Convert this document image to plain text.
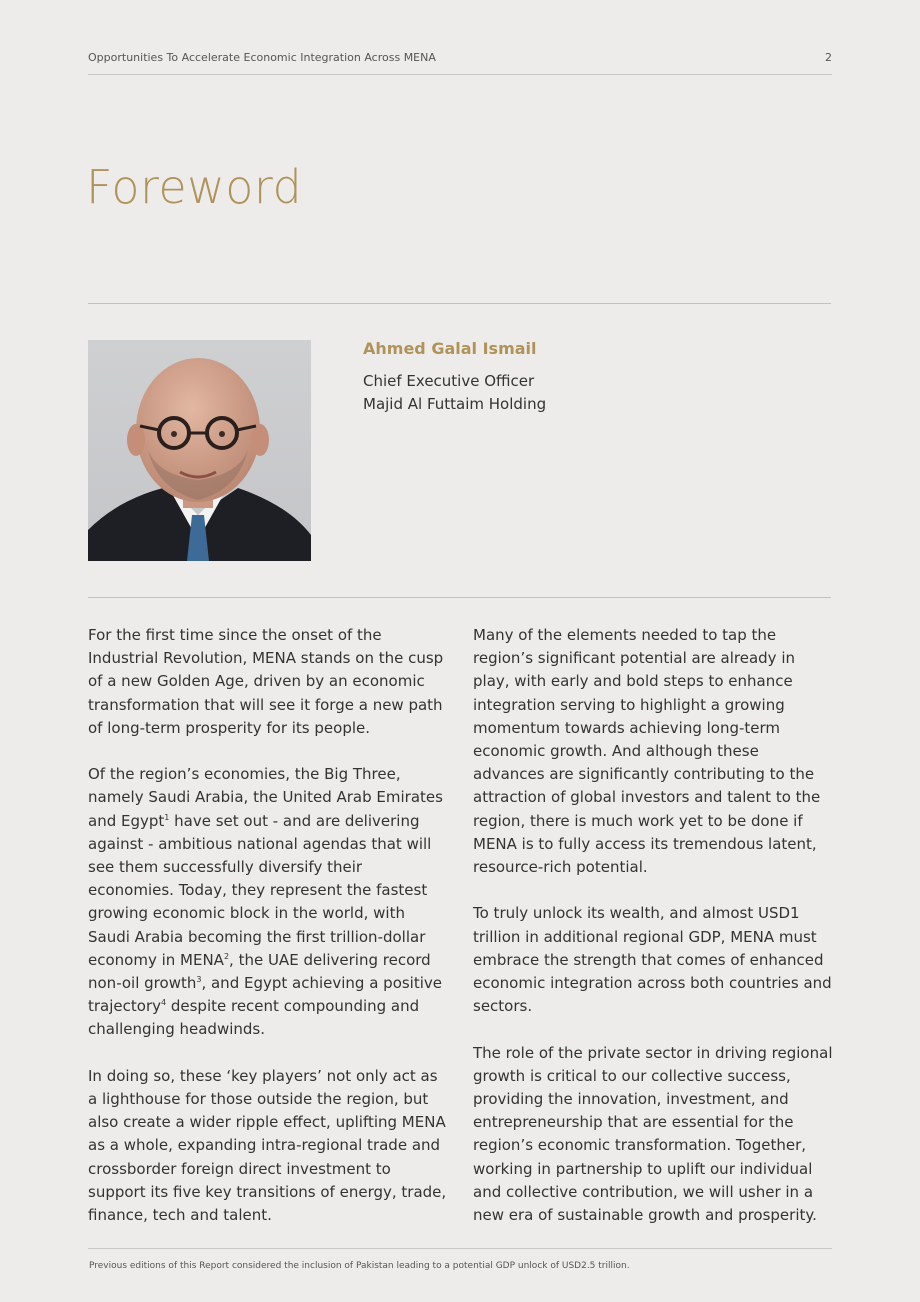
Opportunities To Accelerate Economic Integration Across MENA	2
Foreword
Ahmed Galal Ismail
Chief Executive Officer
Majid Al Futtaim Holding

For the first time since the onset of the Industrial Revolution, MENA stands on the cusp of a new Golden Age, driven by an economic transformation that will see it forge a new path of long-term prosperity for its people.

Of the region’s economies, the Big Three, namely Saudi Arabia, the United Arab Emirates and Egypt$^1$ have set out - and are delivering against - ambitious national agendas that will see them successfully diversify their economies. Today, they represent the fastest growing economic block in the world, with Saudi Arabia becoming the first trillion-dollar economy in MENA$^2$, the UAE delivering record non-oil growth$^3$, and Egypt achieving a positive trajectory$^4$ despite recent compounding and challenging headwinds.

In doing so, these ‘key players’ not only act as a lighthouse for those outside the region, but also create a wider ripple effect, uplifting MENA as a whole, expanding intra-regional trade and crossborder foreign direct investment to support its five key transitions of energy, trade, finance, tech and talent.

Many of the elements needed to tap the region’s significant potential are already in play, with early and bold steps to enhance integration serving to highlight a growing momentum towards achieving long-term economic growth. And although these advances are significantly contributing to the attraction of global investors and talent to the region, there is much work yet to be done if MENA is to fully access its tremendous latent, resource-rich potential.

To truly unlock its wealth, and almost USD1 trillion in additional regional GDP, MENA must embrace the strength that comes of enhanced economic integration across both countries and sectors.

The role of the private sector in driving regional growth is critical to our collective success, providing the innovation, investment, and entrepreneurship that are essential for the region’s economic transformation. Together, working in partnership to uplift our individual and collective contribution, we will usher in a new era of sustainable growth and prosperity.

Previous editions of this Report considered the inclusion of Pakistan leading to a potential GDP unlock of USD2.5 trillion.
